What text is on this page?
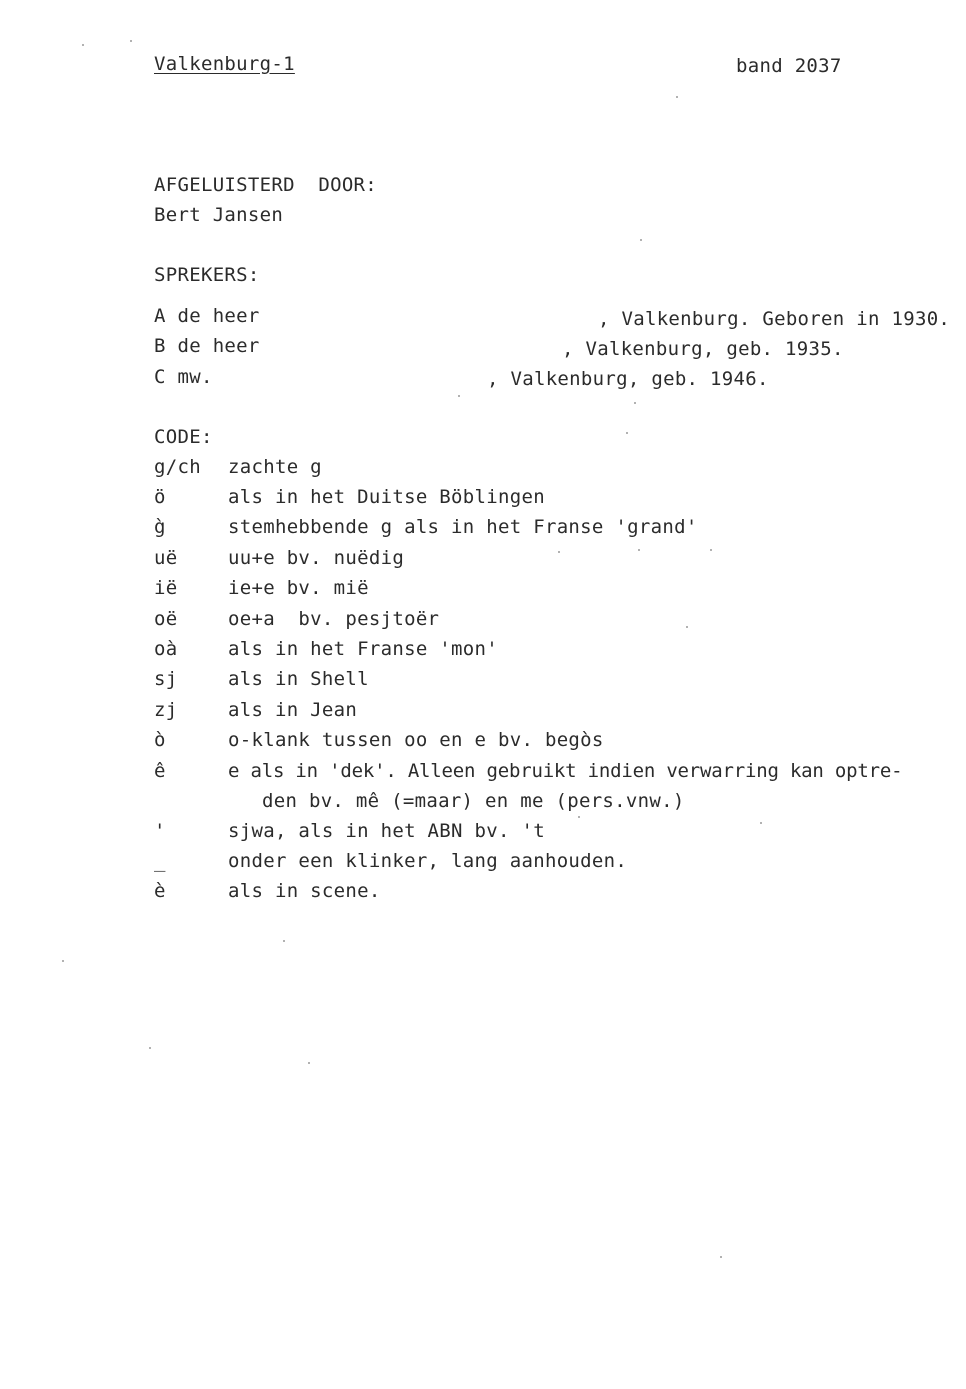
Valkenburg-1	band 2037
AFGELUISTERD  DOOR:
Bert Jansen
SPREKERS:
A de heer	, Valkenburg. Geboren in 1930.
B de heer	, Valkenburg, geb. 1935.
C mw.	, Valkenburg, geb. 1946.
CODE:
g/ch zachte g
ö	als in het Duitse Böblingen
g̀	stemhebbende g als in het Franse 'grand'
uë	uu+e bv. nuëdig
ië	ie+e bv. mië
oë	oe+a  bv. pesjtoër
oà	als in het Franse 'mon'
sj	als in Shell
zj	als in Jean
ò	o-klank tussen oo en e bv. begòs
ê	e als in 'dek'. Alleen gebruikt indien verwarring kan optre-
den bv. mê (=maar) en me (pers.vnw.)
'	sjwa, als in het ABN bv. 't
_	onder een klinker, lang aanhouden.
è	als in scene.
